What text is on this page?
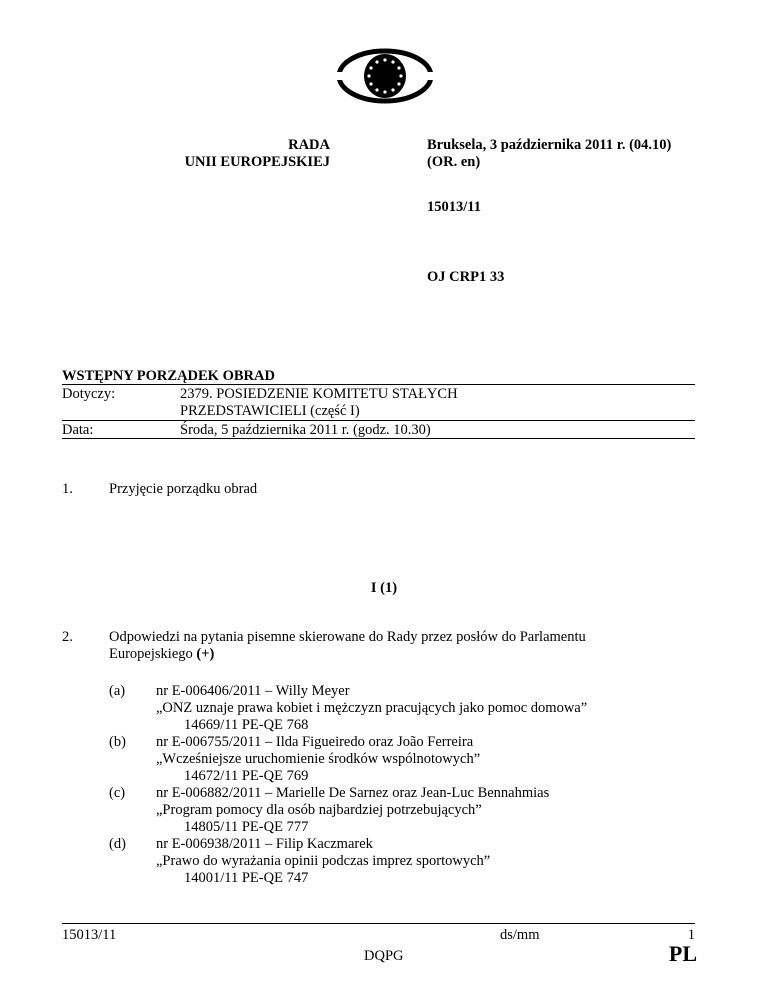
RADA
UNII EUROPEJSKIEJ
Bruksela, 3 października 2011 r. (04.10)
(OR. en)
15013/11
OJ CRP1 33
WSTĘPNY PORZĄDEK OBRAD
Dotyczy:	2379. POSIEDZENIE KOMITETU STAŁYCH
PRZEDSTAWICIELI (część I)
Data:	Środa, 5 października 2011 r. (godz. 10.30)
1. Przyjęcie porządku obrad
I (1)
2. Odpowiedzi na pytania pisemne skierowane do Rady przez posłów do Parlamentu
Europejskiego (+)
(a) nr E-006406/2011 – Willy Meyer
„ONZ uznaje prawa kobiet i mężczyzn pracujących jako pomoc domowa”
14669/11 PE-QE 768
(b) nr E-006755/2011 – Ilda Figueiredo oraz João Ferreira
„Wcześniejsze uruchomienie środków wspólnotowych”
14672/11 PE-QE 769
(c) nr E-006882/2011 – Marielle De Sarnez oraz Jean-Luc Bennahmias
„Program pomocy dla osób najbardziej potrzebujących”
14805/11 PE-QE 777
(d) nr E-006938/2011 – Filip Kaczmarek
„Prawo do wyrażania opinii podczas imprez sportowych”
14001/11 PE-QE 747
15013/11	ds/mm	1
DQPG	PL
